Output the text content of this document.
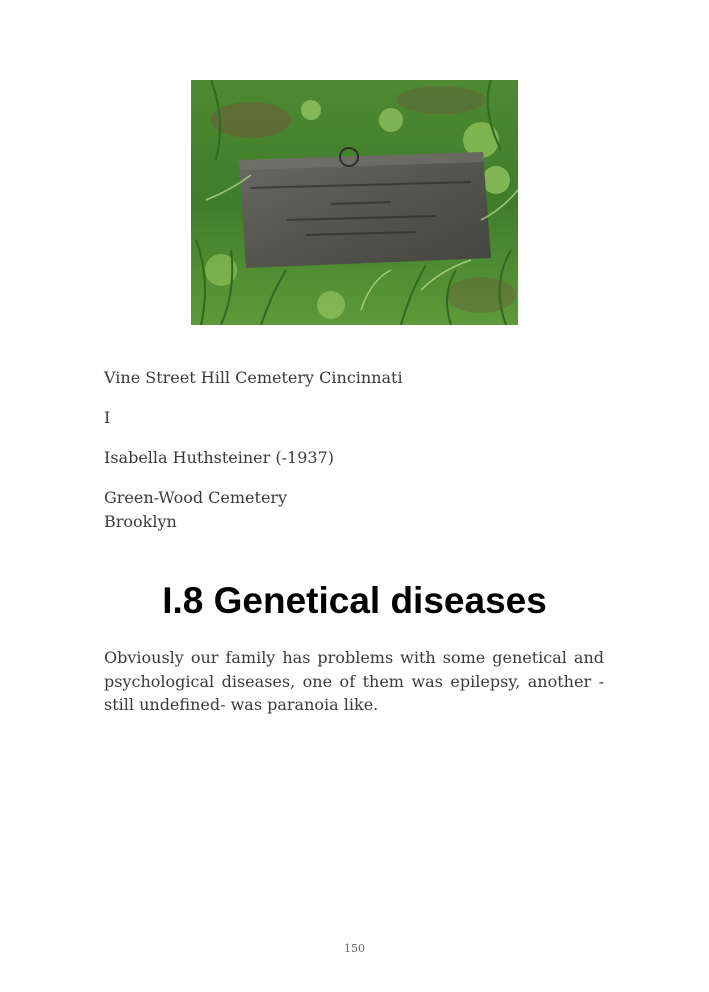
Vine Street Hill Cemetery Cincinnati
I
Isabella Huthsteiner (-1937)
Green-Wood Cemetery
Brooklyn
I.8 Genetical diseases

Obviously our family has problems with some genetical and psychological diseases, one of them was epilepsy, another -still undefined- was paranoia like.

150
